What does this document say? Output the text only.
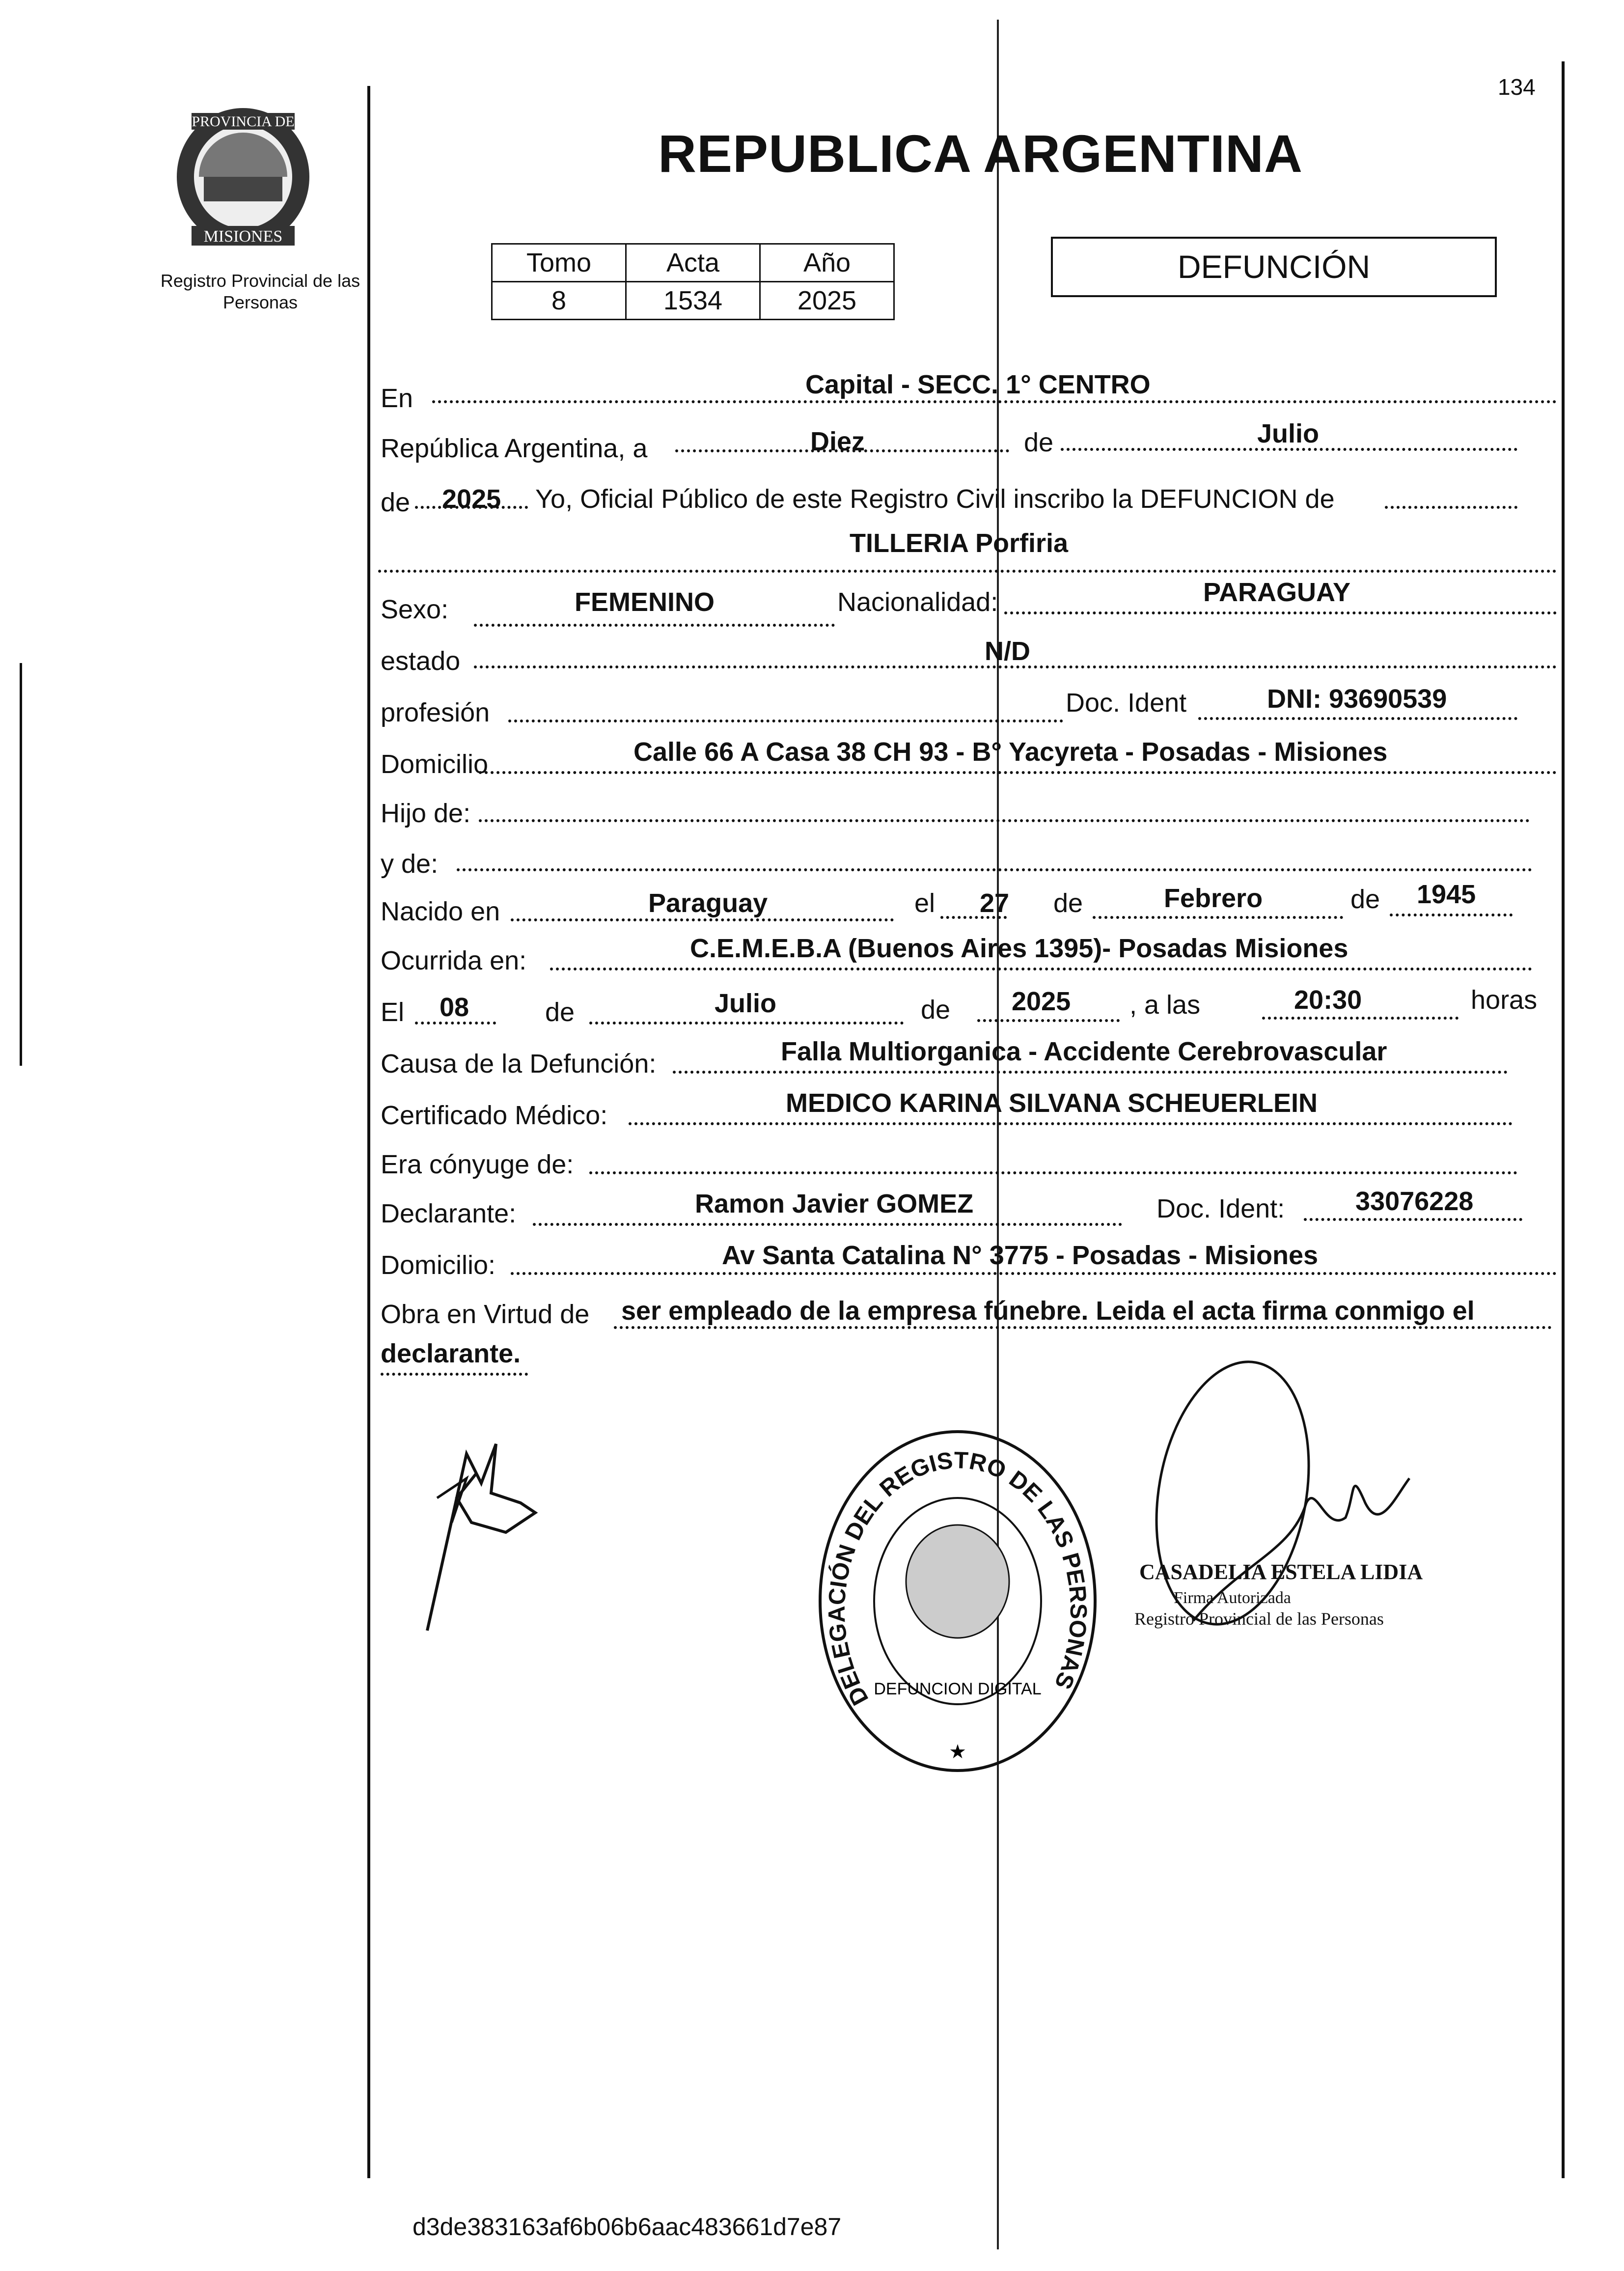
134
PROVINCIA DE
MISIONES
Registro Provincial de las Personas
REPUBLICA ARGENTINA
Tomo	Acta	Año
8	1534	2025
DEFUNCIÓN
En	Capital - SECC. 1° CENTRO
República Argentina, a	Diez	de	Julio
de 2025 Yo, Oficial Público de este Registro Civil inscribo la DEFUNCION de
TILLERIA Porfiria
Sexo:	FEMENINO	Nacionalidad:	PARAGUAY
estado	N/D
profesión	Doc. Ident	DNI: 93690539
Domicilio	Calle 66 A Casa 38 CH 93 - B° Yacyreta - Posadas - Misiones
Hijo de:
y de:
Nacido en	Paraguay	el 27 de	Febrero	de 1945
Ocurrida en:	C.E.M.E.B.A (Buenos Aires 1395)- Posadas Misiones
El 08	de	Julio	de 2025 , a las	20:30	horas
Causa de la Defunción:	Falla Multiorganica - Accidente Cerebrovascular
Certificado Médico:	MEDICO KARINA SILVANA SCHEUERLEIN
Era cónyuge de:
Declarante:	Ramon Javier GOMEZ	Doc. Ident:	33076228
Domicilio:	Av Santa Catalina N° 3775 - Posadas - Misiones
Obra en Virtud de ser empleado de la empresa fúnebre. Leida el acta firma conmigo el
declarante.
DELEGACIÓN DEL REGISTRO DE LAS PERSONAS
DEFUNCION DIGITAL
★
CASADELIA ESTELA LIDIA
Firma Autorizada
Registro Provincial de las Personas
d3de383163af6b06b6aac483661d7e87
